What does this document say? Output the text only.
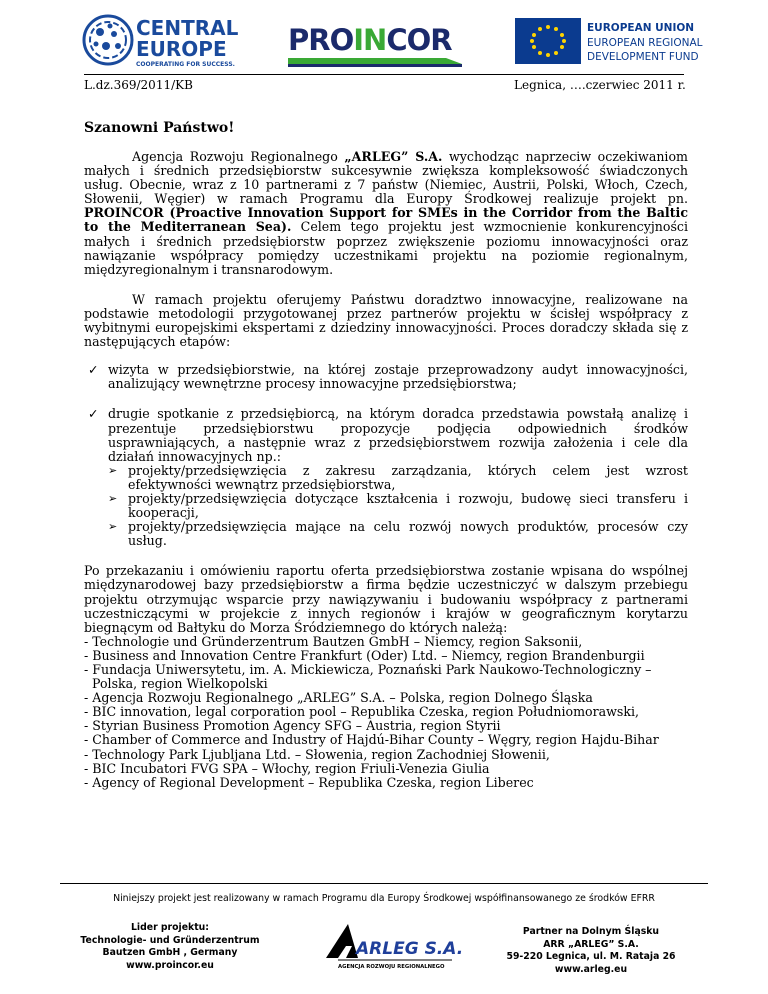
CENTRAL
EUROPE
COOPERATING FOR SUCCESS.
PROINCOR	EUROPEAN UNION
EUROPEAN REGIONAL
DEVELOPMENT FUND
L.dz.369/2011/KB	Legnica, ….czerwiec 2011 r.
Szanowni Państwo!

Agencja Rozwoju Regionalnego „ARLEG” S.A. wychodząc naprzeciw oczekiwaniom małych i średnich przedsiębiorstw sukcesywnie zwiększa kompleksowość świadczonych usług. Obecnie, wraz z 10 partnerami z 7 państw (Niemiec, Austrii, Polski, Włoch, Czech, Słowenii, Węgier) w ramach Programu dla Europy Środkowej realizuje projekt pn. PROINCOR (Proactive Innovation Support for SMEs in the Corridor from the Baltic to the Mediterranean Sea). Celem tego projektu jest wzmocnienie konkurencyjności małych i średnich przedsiębiorstw poprzez zwiększenie poziomu innowacyjności oraz nawiązanie współpracy pomiędzy uczestnikami projektu na poziomie regionalnym, międzyregionalnym i transnarodowym.

W ramach projektu oferujemy Państwu doradztwo innowacyjne, realizowane na podstawie metodologii przygotowanej przez partnerów projektu w ścisłej współpracy z wybitnymi europejskimi ekspertami z dziedziny innowacyjności. Proces doradczy składa się z następujących etapów:

✓ wizyta w przedsiębiorstwie, na której zostaje przeprowadzony audyt innowacyjności, analizujący wewnętrzne procesy innowacyjne przedsiębiorstwa;
✓ drugie spotkanie z przedsiębiorcą, na którym doradca przedstawia powstałą analizę i prezentuje przedsiębiorstwu propozycje podjęcia odpowiednich środków usprawniających, a następnie wraz z przedsiębiorstwem rozwija założenia i cele dla działań innowacyjnych np.:
➢ projekty/przedsięwzięcia z zakresu zarządzania, których celem jest wzrost efektywności wewnątrz przedsiębiorstwa,
➢ projekty/przedsięwzięcia dotyczące kształcenia i rozwoju, budowę sieci transferu i kooperacji,
➢ projekty/przedsięwzięcia mające na celu rozwój nowych produktów, procesów czy usług.

Po przekazaniu i omówieniu raportu oferta przedsiębiorstwa zostanie wpisana do wspólnej międzynarodowej bazy przedsiębiorstw a firma będzie uczestniczyć w dalszym przebiegu projektu otrzymując wsparcie przy nawiązywaniu i budowaniu współpracy z partnerami uczestniczącymi w projekcie z innych regionów i krajów w geograficznym korytarzu biegnącym od Bałtyku do Morza Śródziemnego do których należą:

- Technologie und Gründerzentrum Bautzen GmbH – Niemcy, region Saksonii,

- Business and Innovation Centre Frankfurt (Oder) Ltd. – Niemcy, region Brandenburgii

- Fundacja Uniwersytetu, im. A. Mickiewicza, Poznański Park Naukowo-Technologiczny –

Polska, region Wielkopolski

- Agencja Rozwoju Regionalnego „ARLEG” S.A. – Polska, region Dolnego Śląska

- BIC innovation, legal corporation pool – Republika Czeska, region Południomorawski,

- Styrian Business Promotion Agency SFG – Austria, region Styrii

- Chamber of Commerce and Industry of Hajdú-Bihar County – Węgry, region Hajdu-Bihar

- Technology Park Ljubljana Ltd. – Słowenia, region Zachodniej Słowenii,

- BIC Incubatori FVG SPA – Włochy, region Friuli-Venezia Giulia

- Agency of Regional Development – Republika Czeska, region Liberec

Niniejszy projekt jest realizowany w ramach Programu dla Europy Środkowej współfinansowanego ze środków EFRR
Lider projektu:
Technologie- und Gründerzentrum
Bautzen GmbH , Germany
www.proincor.eu
ARLEG S.A.
AGENCJA ROZWOJU REGIONALNEGO
Partner na Dolnym Śląsku
ARR „ARLEG” S.A.
59-220 Legnica, ul. M. Rataja 26
www.arleg.eu
